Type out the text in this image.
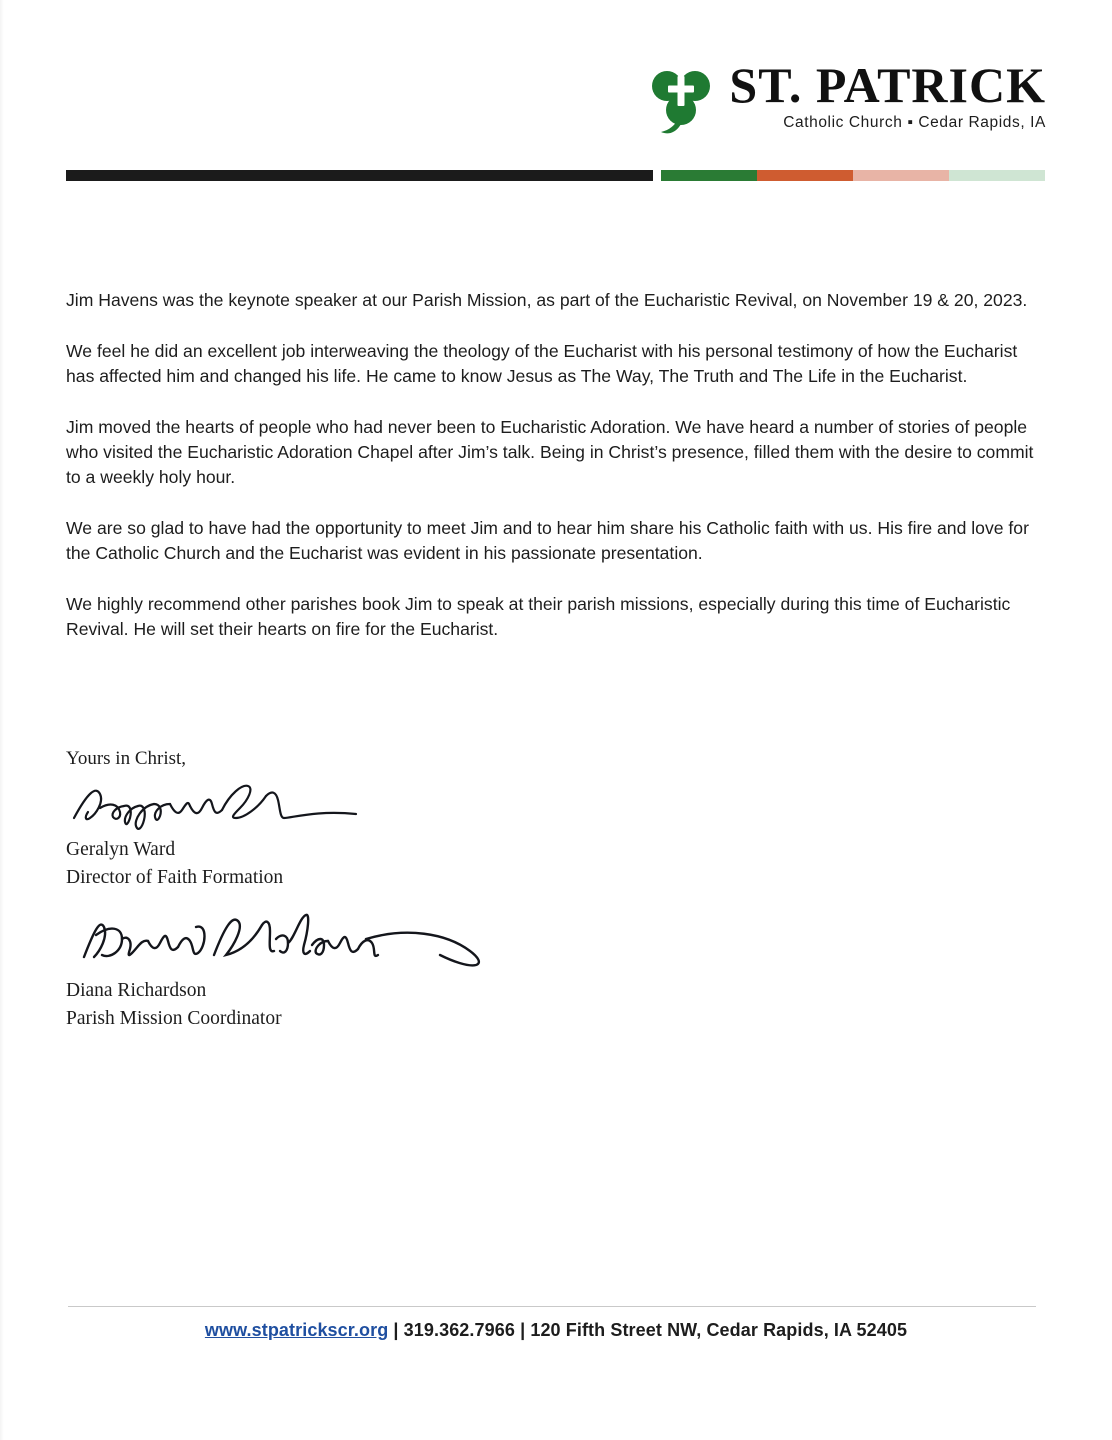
ST. PATRICK
Catholic Church ▪ Cedar Rapids, IA

Jim Havens was the keynote speaker at our Parish Mission, as part of the Eucharistic Revival, on November 19 & 20, 2023.

We feel he did an excellent job interweaving the theology of the Eucharist with his personal testimony of how the Eucharist has affected him and changed his life. He came to know Jesus as The Way, The Truth and The Life in the Eucharist.

Jim moved the hearts of people who had never been to Eucharistic Adoration. We have heard a number of stories of people who visited the Eucharistic Adoration Chapel after Jim’s talk. Being in Christ’s presence, filled them with the desire to commit to a weekly holy hour.

We are so glad to have had the opportunity to meet Jim and to hear him share his Catholic faith with us. His fire and love for the Catholic Church and the Eucharist was evident in his passionate presentation.

We highly recommend other parishes book Jim to speak at their parish missions, especially during this time of Eucharistic Revival. He will set their hearts on fire for the Eucharist.

Yours in Christ,
Geralyn Ward
Director of Faith Formation
Diana Richardson
Parish Mission Coordinator
www.stpatrickscr.org | 319.362.7966 | 120 Fifth Street NW, Cedar Rapids, IA 52405
